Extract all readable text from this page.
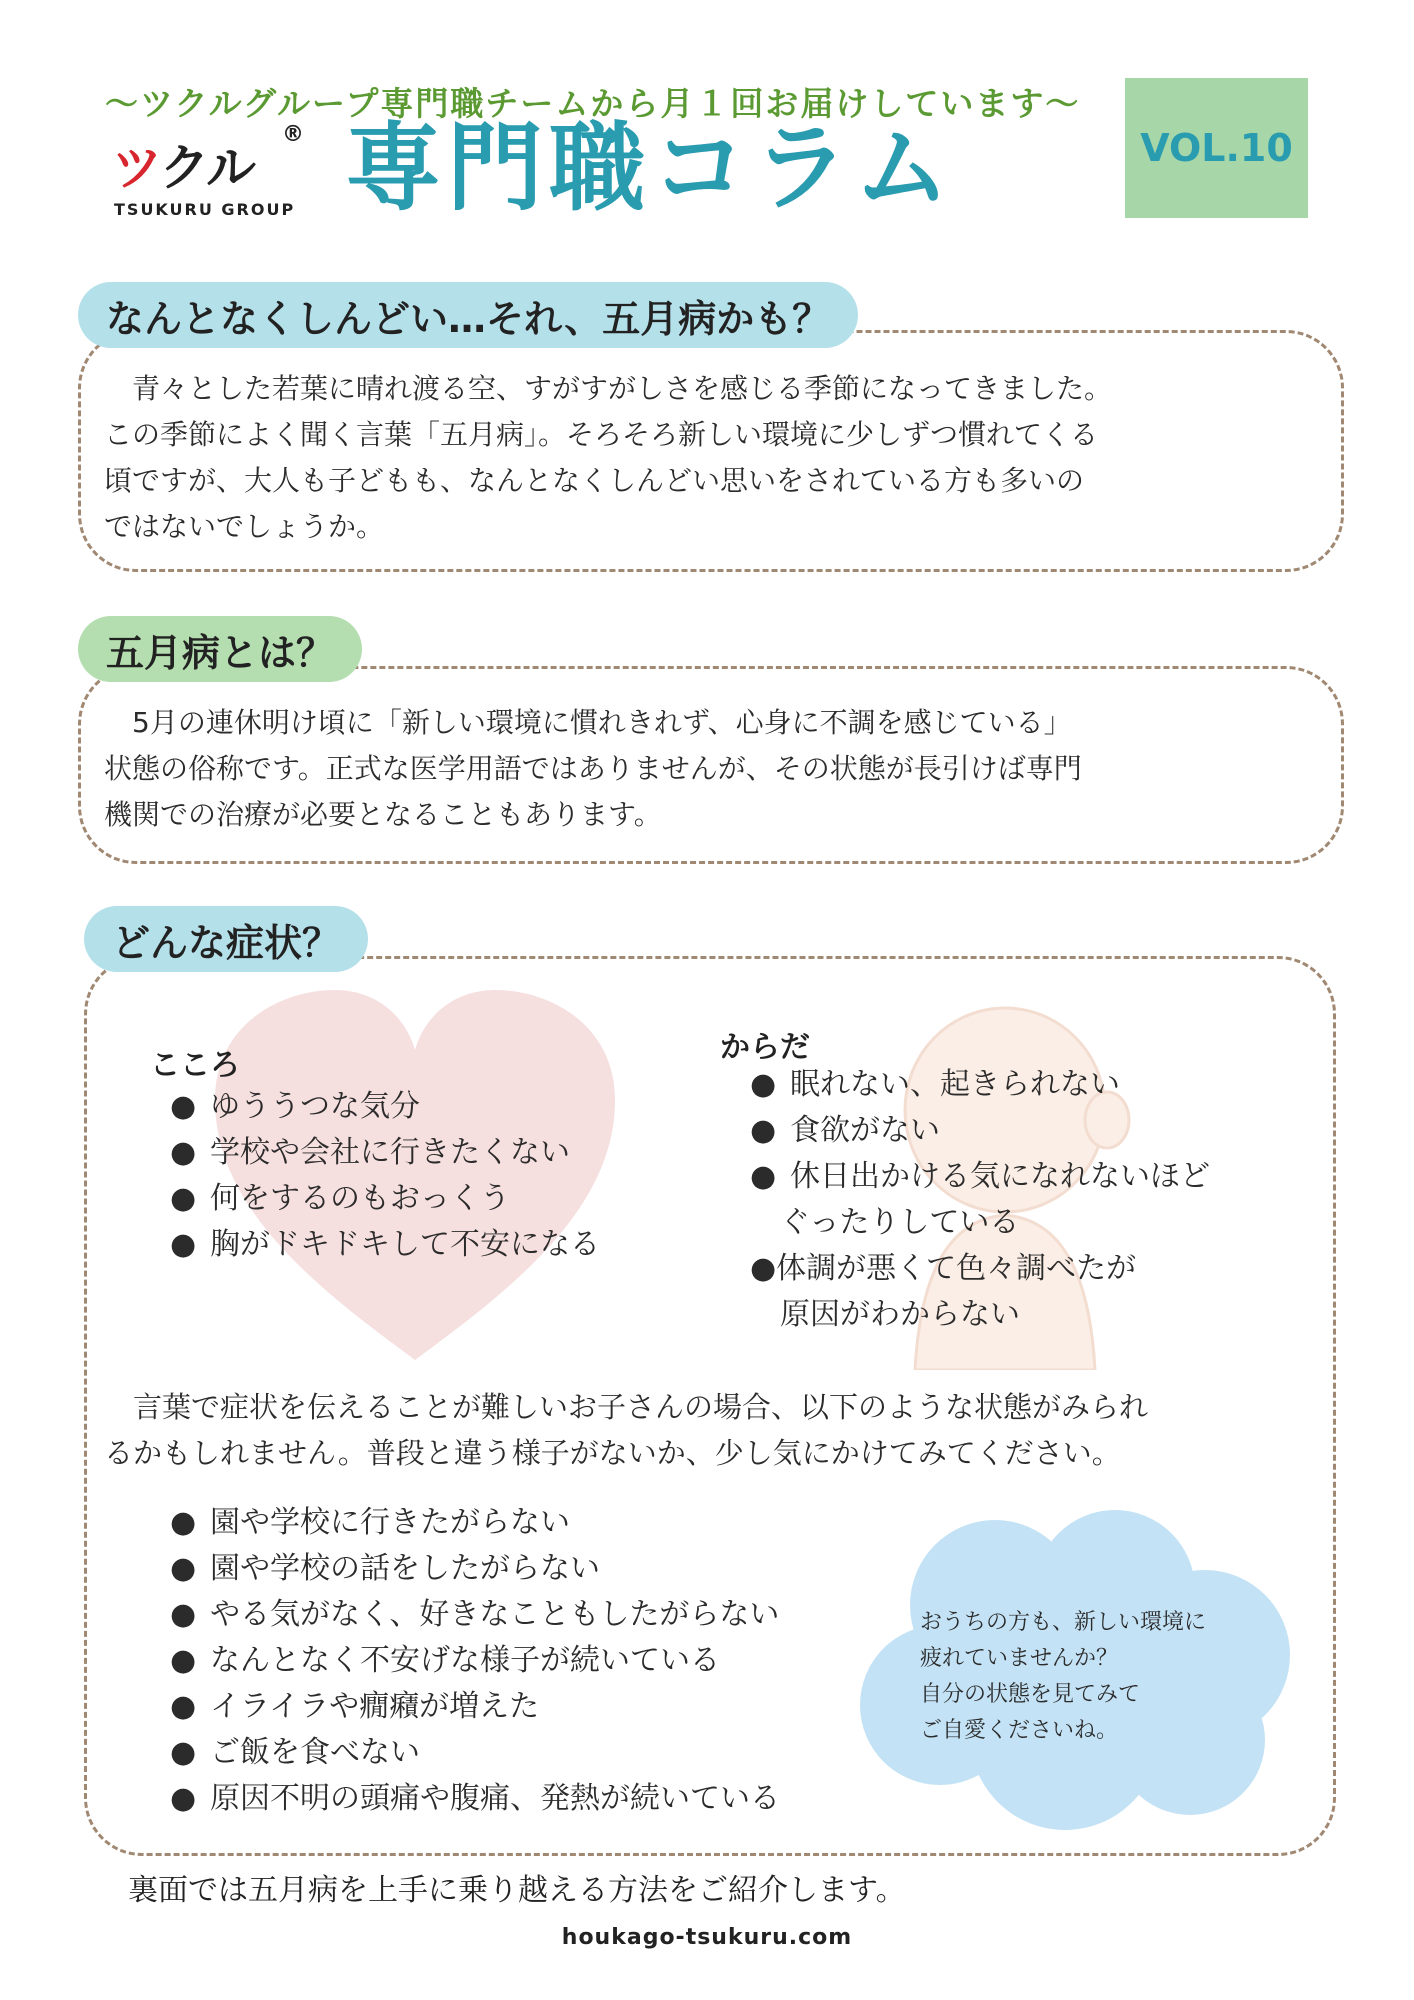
〜ツクルグループ専門職チームから月１回お届けしています〜
ツクル
®
TSUKURU GROUP 専門職コラム	VOL.10
なんとなくしんどい…それ、五月病かも？
　青々とした若葉に晴れ渡る空、すがすがしさを感じる季節になってきました。
この季節によく聞く言葉「五月病」。そろそろ新しい環境に少しずつ慣れてくる
頃ですが、大人も子どもも、なんとなくしんどい思いをされている方も多いの
ではないでしょうか。
五月病とは？
　5月の連休明け頃に「新しい環境に慣れきれず、心身に不調を感じている」
状態の俗称です。正式な医学用語ではありませんが、その状態が長引けば専門
機関での治療が必要となることもあります。
どんな症状？
こころ
● ゆううつな気分
● 学校や会社に行きたくない
● 何をするのもおっくう
● 胸がドキドキして不安になる
からだ
● 眠れない、起きられない
● 食欲がない
● 休日出かける気になれないほど
ぐったりしている
●体調が悪くて色々調べたが
原因がわからない
　言葉で症状を伝えることが難しいお子さんの場合、以下のような状態がみられ
るかもしれません。普段と違う様子がないか、少し気にかけてみてください。
● 園や学校に行きたがらない
● 園や学校の話をしたがらない
● やる気がなく、好きなこともしたがらない
● なんとなく不安げな様子が続いている
● イライラや癇癪が増えた
● ご飯を食べない
● 原因不明の頭痛や腹痛、発熱が続いている
おうちの方も、新しい環境に
疲れていませんか？
自分の状態を見てみて
ご自愛くださいね。
裏面では五月病を上手に乗り越える方法をご紹介します。
houkago-tsukuru.com
